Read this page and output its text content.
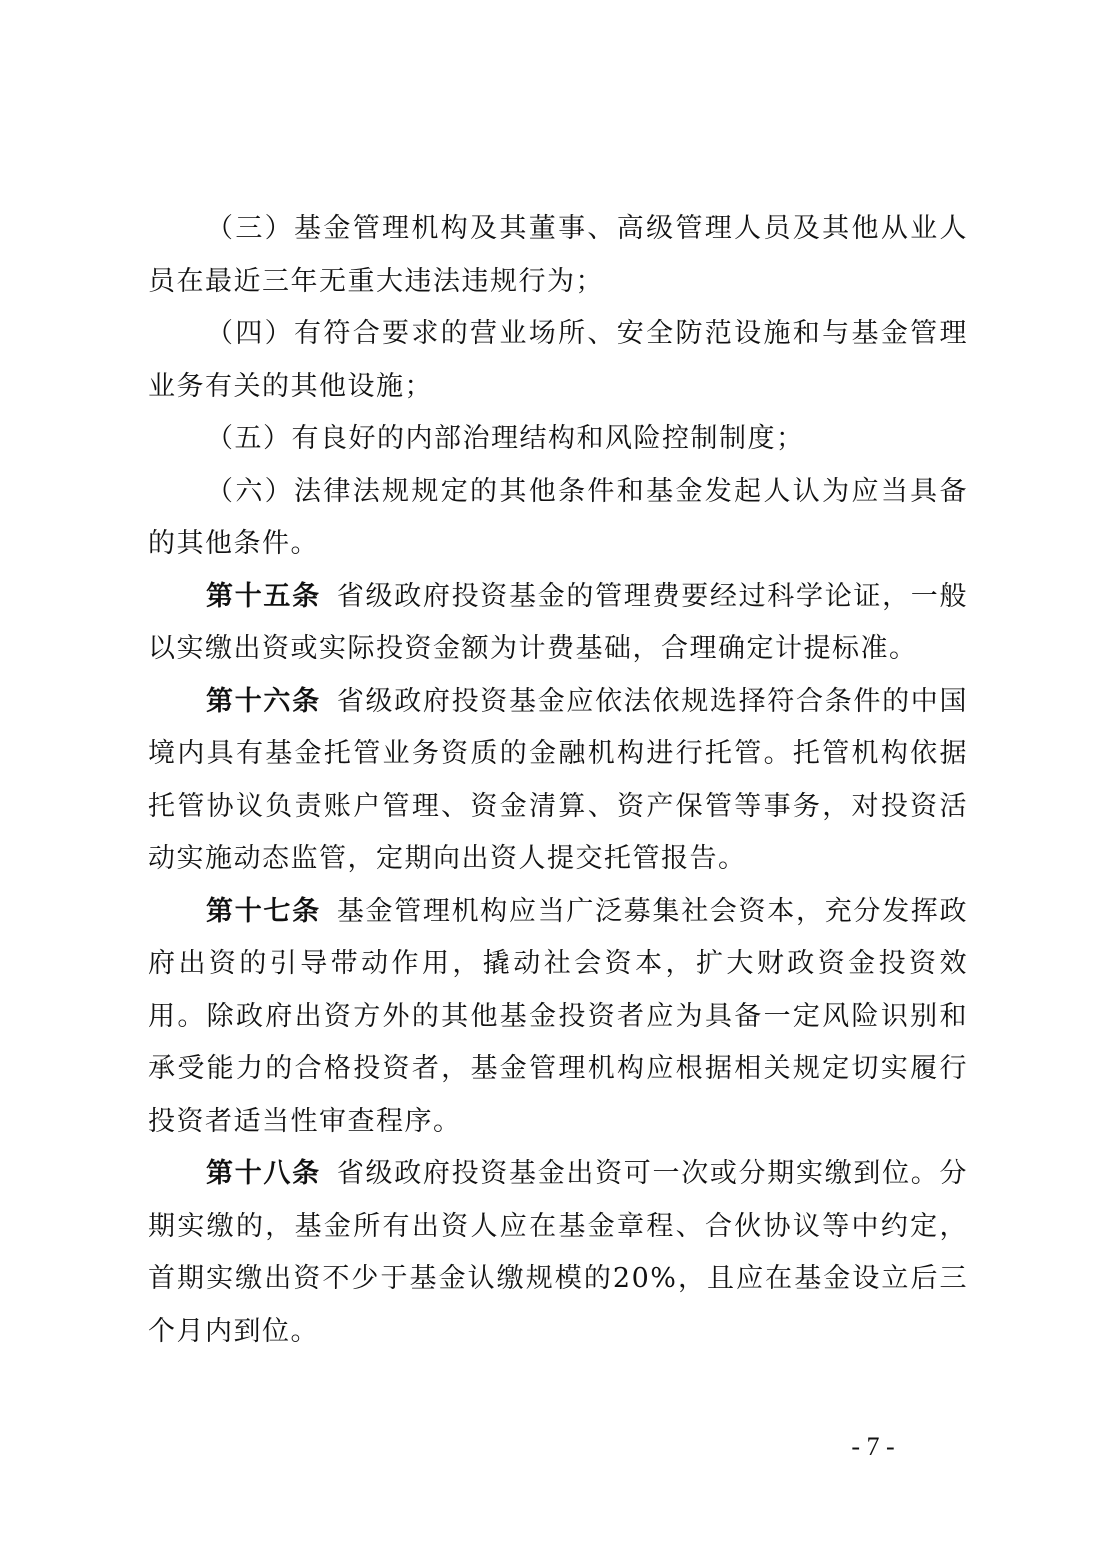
（三）基金管理机构及其董事、高级管理人员及其他从业人员在最近三年无重大违法违规行为；

（四）有符合要求的营业场所、安全防范设施和与基金管理业务有关的其他设施；

（五）有良好的内部治理结构和风险控制制度；

（六）法律法规规定的其他条件和基金发起人认为应当具备的其他条件。

第十五条 省级政府投资基金的管理费要经过科学论证，一般以实缴出资或实际投资金额为计费基础，合理确定计提标准。

第十六条 省级政府投资基金应依法依规选择符合条件的中国境内具有基金托管业务资质的金融机构进行托管。托管机构依据托管协议负责账户管理、资金清算、资产保管等事务，对投资活动实施动态监管，定期向出资人提交托管报告。

第十七条 基金管理机构应当广泛募集社会资本，充分发挥政府出资的引导带动作用，撬动社会资本，扩大财政资金投资效用。除政府出资方外的其他基金投资者应为具备一定风险识别和承受能力的合格投资者，基金管理机构应根据相关规定切实履行投资者适当性审查程序。

第十八条 省级政府投资基金出资可一次或分期实缴到位。分期实缴的，基金所有出资人应在基金章程、合伙协议等中约定，首期实缴出资不少于基金认缴规模的20%，且应在基金设立后三个月内到位。

- 7 -
